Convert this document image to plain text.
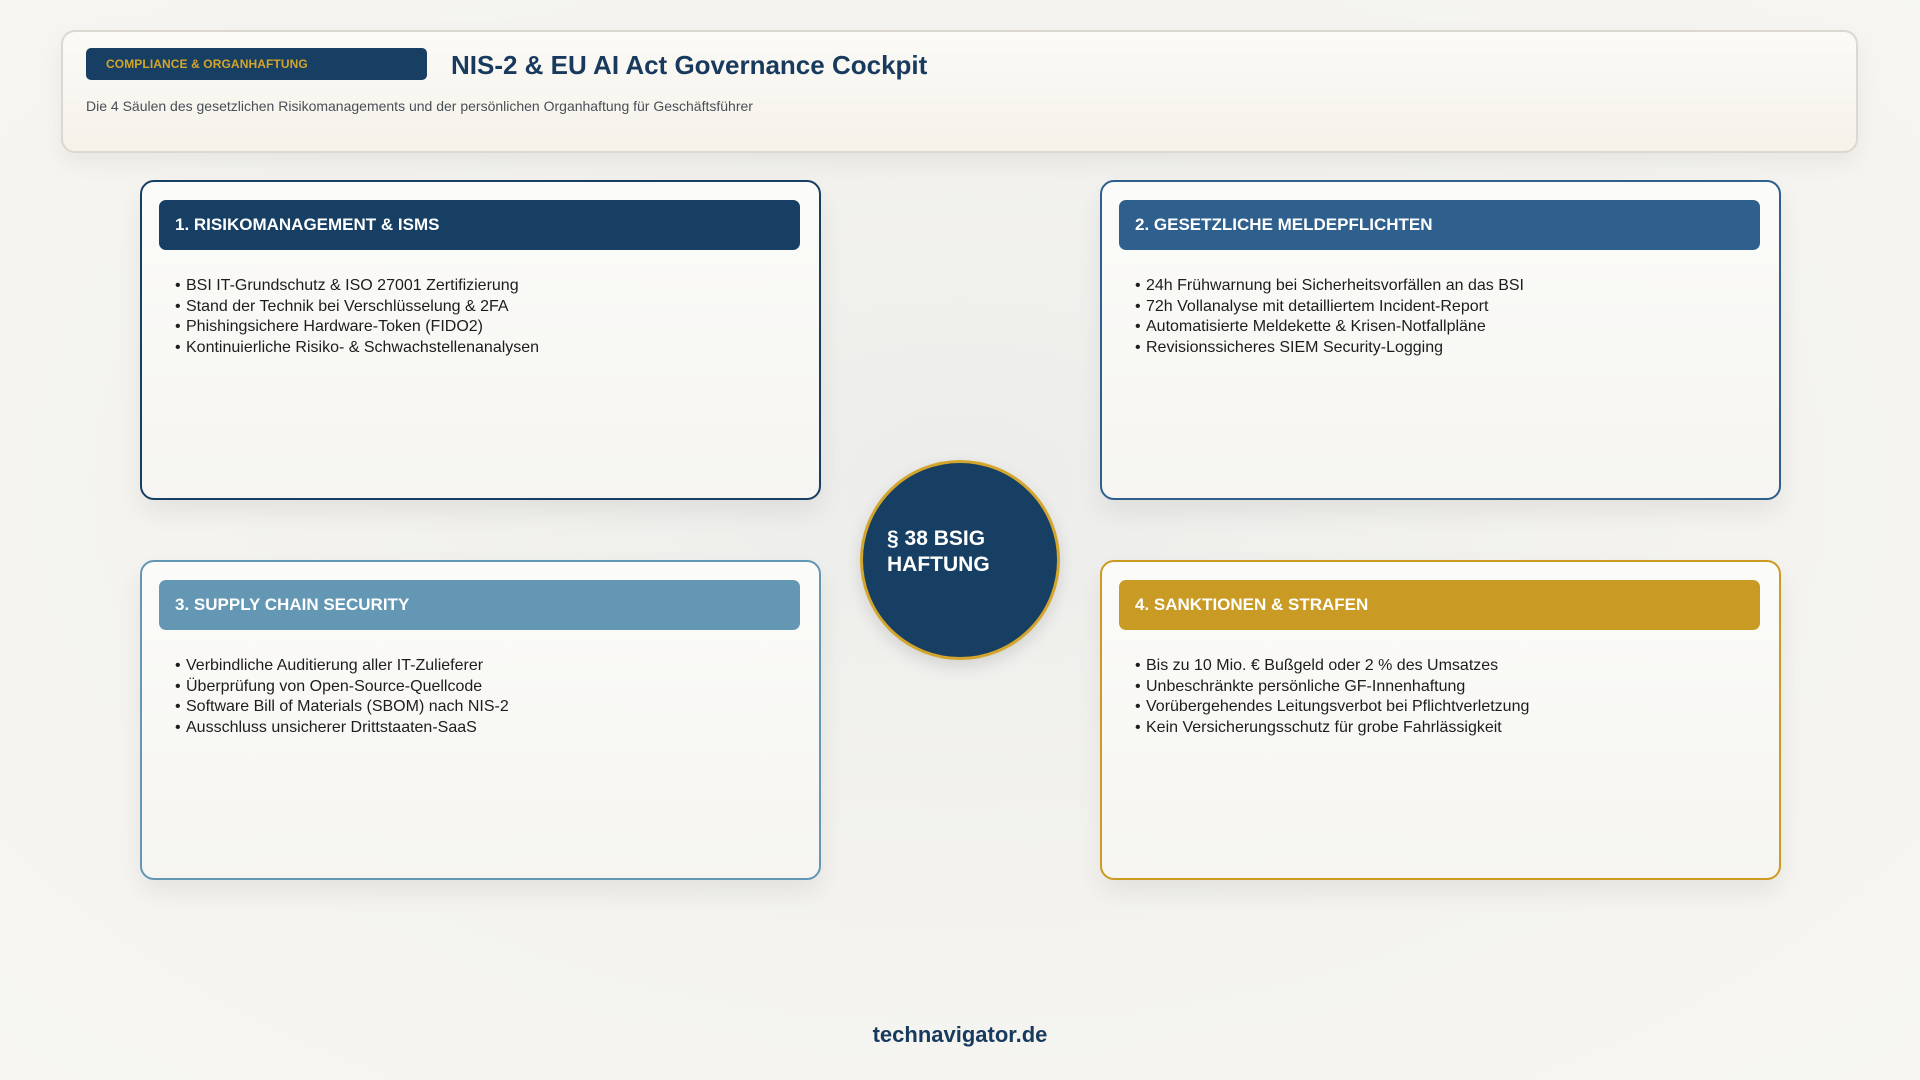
COMPLIANCE & ORGANHAFTUNG	NIS-2 & EU AI Act Governance Cockpit
Die 4 Säulen des gesetzlichen Risikomanagements und der persönlichen Organhaftung für Geschäftsführer
1. RISIKOMANAGEMENT & ISMS
• BSI IT-Grundschutz & ISO 27001 Zertifizierung
• Stand der Technik bei Verschlüsselung & 2FA
• Phishingsichere Hardware-Token (FIDO2)
• Kontinuierliche Risiko- & Schwachstellenanalysen
2. GESETZLICHE MELDEPFLICHTEN
• 24h Frühwarnung bei Sicherheitsvorfällen an das BSI
• 72h Vollanalyse mit detailliertem Incident-Report
• Automatisierte Meldekette & Krisen-Notfallpläne
• Revisionssicheres SIEM Security-Logging
3. SUPPLY CHAIN SECURITY
• Verbindliche Auditierung aller IT-Zulieferer
• Überprüfung von Open-Source-Quellcode
• Software Bill of Materials (SBOM) nach NIS-2
• Ausschluss unsicherer Drittstaaten-SaaS
4. SANKTIONEN & STRAFEN
• Bis zu 10 Mio. € Bußgeld oder 2 % des Umsatzes
• Unbeschränkte persönliche GF-Innenhaftung
• Vorübergehendes Leitungsverbot bei Pflichtverletzung
• Kein Versicherungsschutz für grobe Fahrlässigkeit
§ 38 BSIG
HAFTUNG
technavigator.de
